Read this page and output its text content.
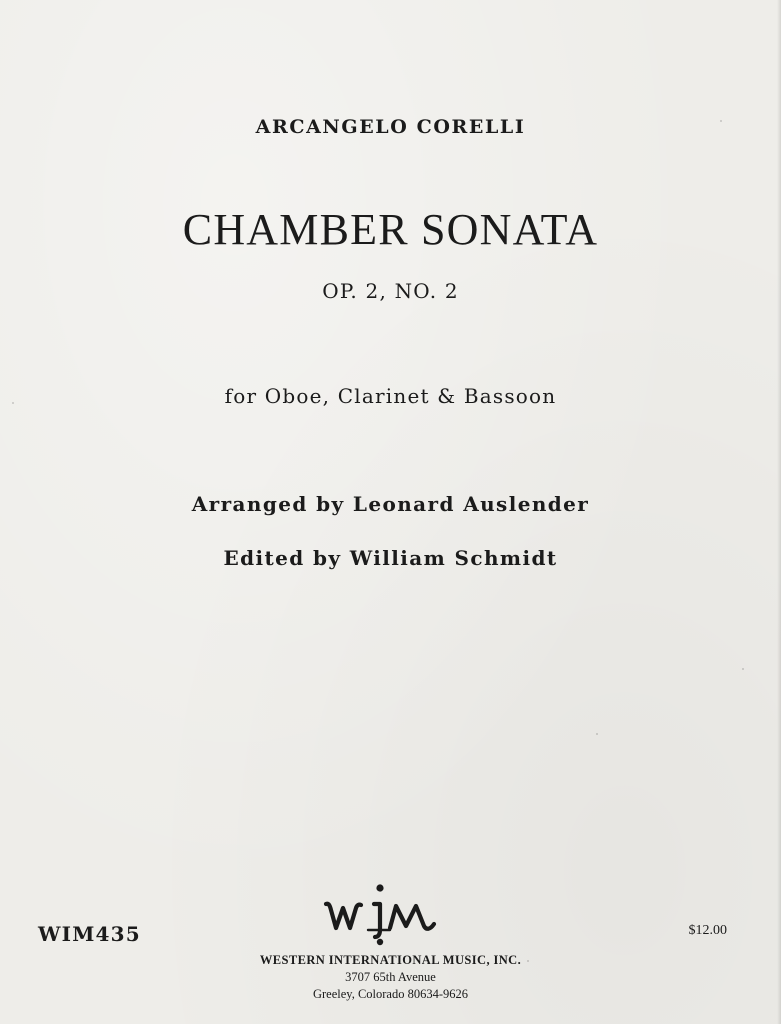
ARCANGELO CORELLI
CHAMBER SONATA
OP. 2, NO. 2
for Oboe, Clarinet & Bassoon
Arranged by Leonard Auslender
Edited by William Schmidt
WIM435	$12.00
WESTERN INTERNATIONAL MUSIC, INC.
3707 65th Avenue
Greeley, Colorado 80634-9626
